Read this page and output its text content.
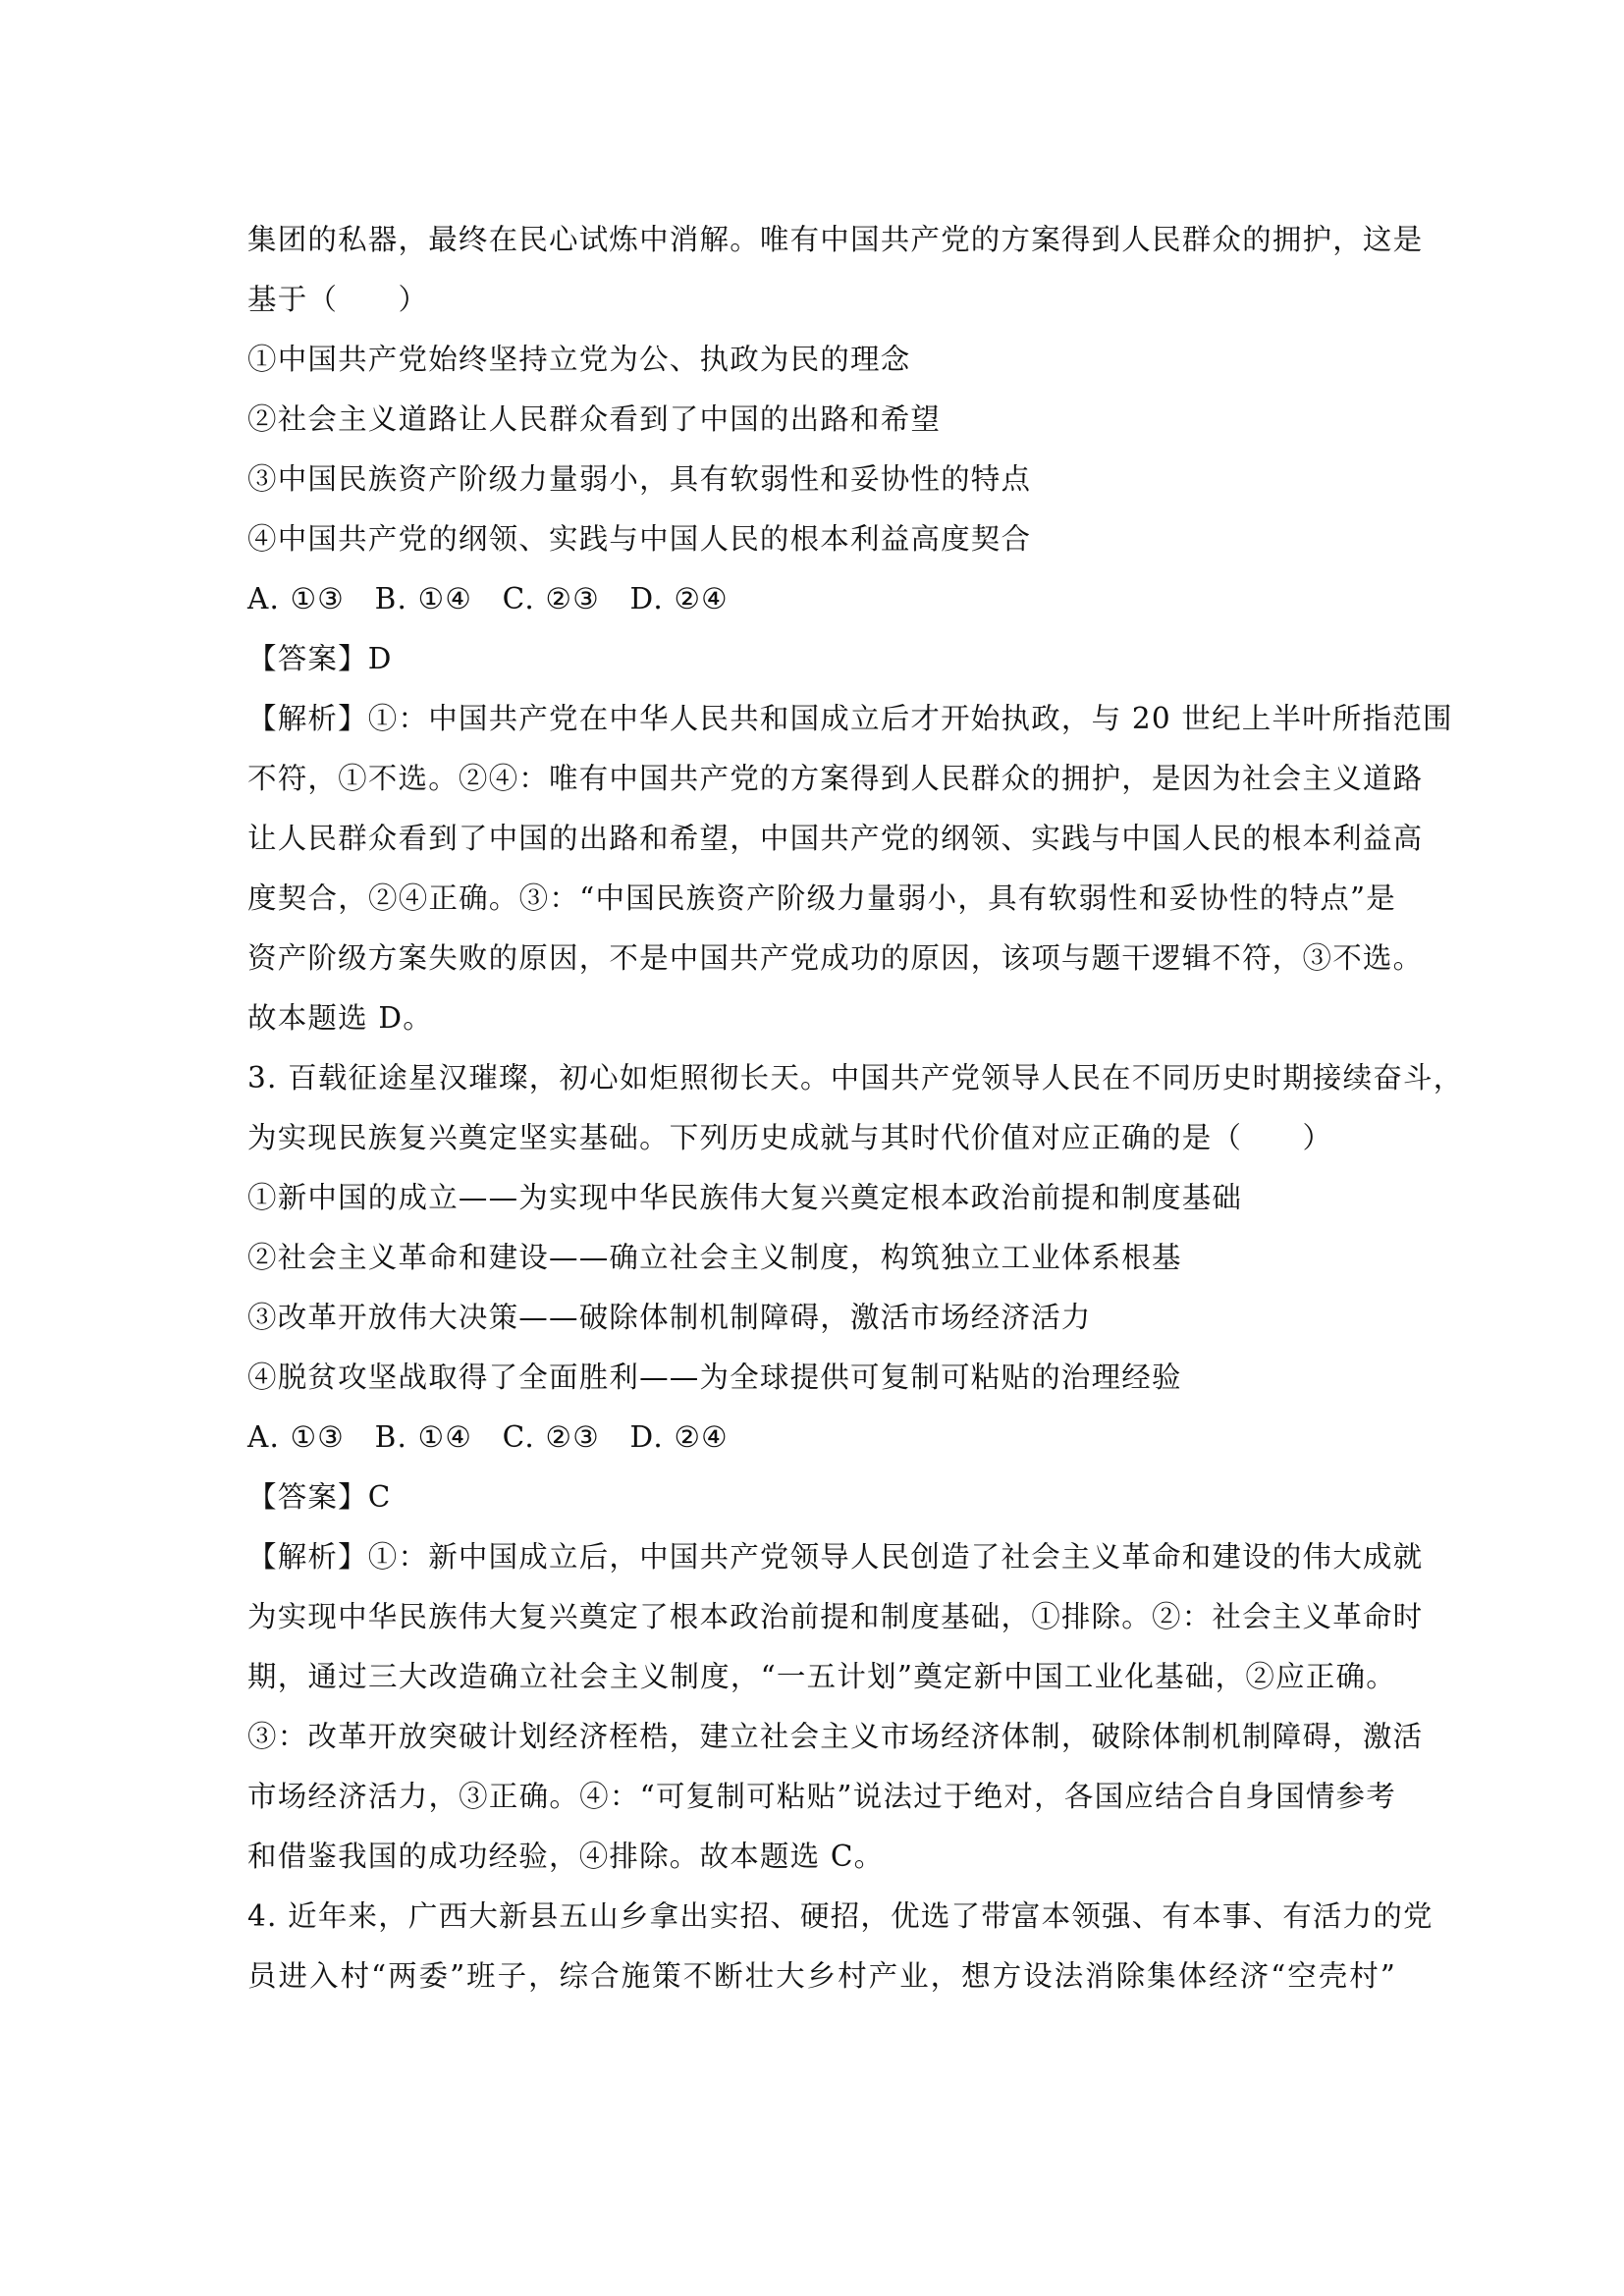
集团的私器，最终在民心试炼中消解。唯有中国共产党的方案得到人民群众的拥护，这是
基于（　　）
①中国共产党始终坚持立党为公、执政为民的理念
②社会主义道路让人民群众看到了中国的出路和希望
③中国民族资产阶级力量弱小，具有软弱性和妥协性的特点
④中国共产党的纲领、实践与中国人民的根本利益高度契合
A. ①③　B. ①④　C. ②③　D. ②④
【答案】D
【解析】①：中国共产党在中华人民共和国成立后才开始执政，与 20 世纪上半叶所指范围
不符，①不选。②④：唯有中国共产党的方案得到人民群众的拥护，是因为社会主义道路
让人民群众看到了中国的出路和希望，中国共产党的纲领、实践与中国人民的根本利益高
度契合，②④正确。③：“中国民族资产阶级力量弱小，具有软弱性和妥协性的特点”是
资产阶级方案失败的原因，不是中国共产党成功的原因，该项与题干逻辑不符，③不选。
故本题选 D。
3. 百载征途星汉璀璨，初心如炬照彻长天。中国共产党领导人民在不同历史时期接续奋斗，
为实现民族复兴奠定坚实基础。下列历史成就与其时代价值对应正确的是（　　）
①新中国的成立——为实现中华民族伟大复兴奠定根本政治前提和制度基础
②社会主义革命和建设——确立社会主义制度，构筑独立工业体系根基
③改革开放伟大决策——破除体制机制障碍，激活市场经济活力
④脱贫攻坚战取得了全面胜利——为全球提供可复制可粘贴的治理经验
A. ①③　B. ①④　C. ②③　D. ②④
【答案】C
【解析】①：新中国成立后，中国共产党领导人民创造了社会主义革命和建设的伟大成就
为实现中华民族伟大复兴奠定了根本政治前提和制度基础，①排除。②：社会主义革命时
期，通过三大改造确立社会主义制度，“一五计划”奠定新中国工业化基础，②应正确。
③：改革开放突破计划经济桎梏，建立社会主义市场经济体制，破除体制机制障碍，激活
市场经济活力，③正确。④：“可复制可粘贴”说法过于绝对，各国应结合自身国情参考
和借鉴我国的成功经验，④排除。故本题选 C。
4. 近年来，广西大新县五山乡拿出实招、硬招，优选了带富本领强、有本事、有活力的党
员进入村“两委”班子，综合施策不断壮大乡村产业，想方设法消除集体经济“空壳村”
